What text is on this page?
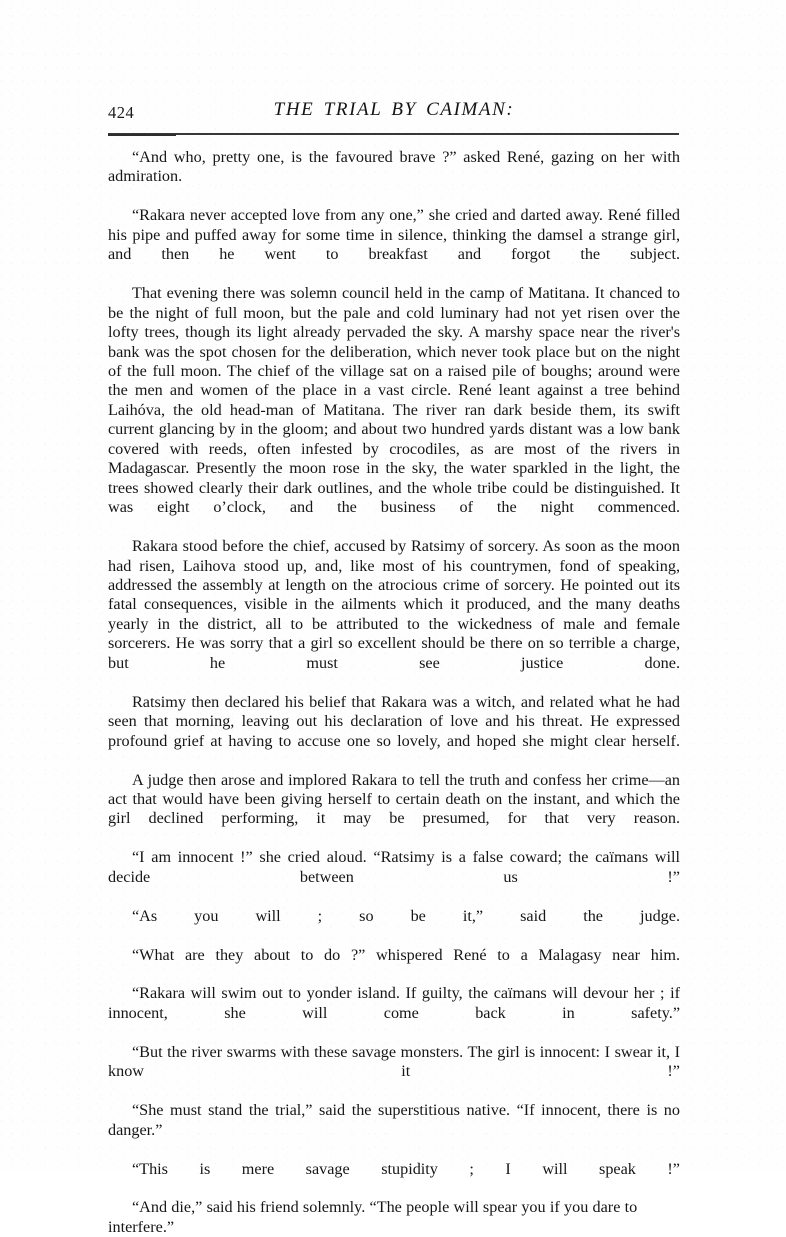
424	THE TRIAL BY CAIMAN:

“And who, pretty one, is the favoured brave ?” asked René, gazing on her with admiration.

“Rakara never accepted love from any one,” she cried and darted away. René filled his pipe and puffed away for some time in silence, thinking the damsel a strange girl, and then he went to breakfast and forgot the subject.

That evening there was solemn council held in the camp of Matitana. It chanced to be the night of full moon, but the pale and cold luminary had not yet risen over the lofty trees, though its light already pervaded the sky. A marshy space near the river's bank was the spot chosen for the deliberation, which never took place but on the night of the full moon. The chief of the village sat on a raised pile of boughs; around were the men and women of the place in a vast circle. René leant against a tree behind Laihóva, the old head-man of Matitana. The river ran dark beside them, its swift current glancing by in the gloom; and about two hundred yards distant was a low bank covered with reeds, often infested by crocodiles, as are most of the rivers in Madagascar. Presently the moon rose in the sky, the water sparkled in the light, the trees showed clearly their dark outlines, and the whole tribe could be distinguished. It was eight o’clock, and the business of the night commenced.

Rakara stood before the chief, accused by Ratsimy of sorcery. As soon as the moon had risen, Laihova stood up, and, like most of his countrymen, fond of speaking, addressed the assembly at length on the atrocious crime of sorcery. He pointed out its fatal consequences, visible in the ailments which it produced, and the many deaths yearly in the district, all to be attributed to the wickedness of male and female sorcerers. He was sorry that a girl so excellent should be there on so terrible a charge, but he must see justice done.

Ratsimy then declared his belief that Rakara was a witch, and related what he had seen that morning, leaving out his declaration of love and his threat. He expressed profound grief at having to accuse one so lovely, and hoped she might clear herself.

A judge then arose and implored Rakara to tell the truth and confess her crime—an act that would have been giving herself to certain death on the instant, and which the girl declined performing, it may be presumed, for that very reason.

“I am innocent !” she cried aloud. “Ratsimy is a false coward; the caïmans will decide between us !”

“As you will ; so be it,” said the judge.

“What are they about to do ?” whispered René to a Malagasy near him.

“Rakara will swim out to yonder island. If guilty, the caïmans will devour her ; if innocent, she will come back in safety.”

“But the river swarms with these savage monsters. The girl is innocent: I swear it, I know it !”

“She must stand the trial,” said the superstitious native. “If innocent, there is no danger.”

“This is mere savage stupidity ; I will speak !”

“And die,” said his friend solemnly. “The people will spear you if you dare to interfere.”
